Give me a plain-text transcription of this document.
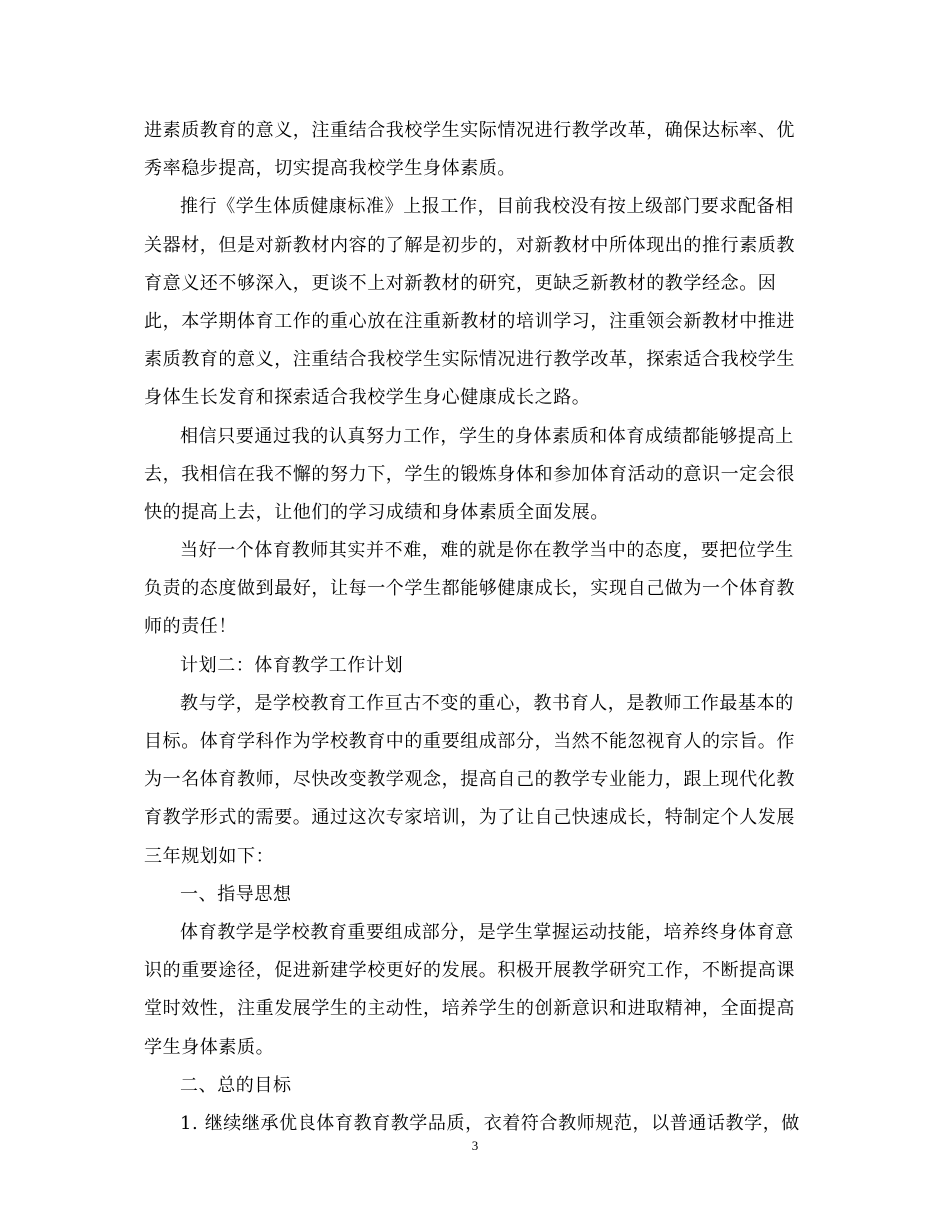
进素质教育的意义，注重结合我校学生实际情况进行教学改革，确保达标率、优
秀率稳步提高，切实提高我校学生身体素质。
推行《学生体质健康标准》上报工作，目前我校没有按上级部门要求配备相
关器材，但是对新教材内容的了解是初步的，对新教材中所体现出的推行素质教
育意义还不够深入，更谈不上对新教材的研究，更缺乏新教材的教学经念。因
此，本学期体育工作的重心放在注重新教材的培训学习，注重领会新教材中推进
素质教育的意义，注重结合我校学生实际情况进行教学改革，探索适合我校学生
身体生长发育和探索适合我校学生身心健康成长之路。
相信只要通过我的认真努力工作，学生的身体素质和体育成绩都能够提高上
去，我相信在我不懈的努力下，学生的锻炼身体和参加体育活动的意识一定会很
快的提高上去，让他们的学习成绩和身体素质全面发展。
当好一个体育教师其实并不难，难的就是你在教学当中的态度，要把位学生
负责的态度做到最好，让每一个学生都能够健康成长，实现自己做为一个体育教
师的责任！
计划二：体育教学工作计划
教与学，是学校教育工作亘古不变的重心，教书育人，是教师工作最基本的
目标。体育学科作为学校教育中的重要组成部分，当然不能忽视育人的宗旨。作
为一名体育教师，尽快改变教学观念，提高自己的教学专业能力，跟上现代化教
育教学形式的需要。通过这次专家培训，为了让自己快速成长，特制定个人发展
三年规划如下：
一、指导思想
体育教学是学校教育重要组成部分，是学生掌握运动技能，培养终身体育意
识的重要途径，促进新建学校更好的发展。积极开展教学研究工作，不断提高课
堂时效性，注重发展学生的主动性，培养学生的创新意识和进取精神，全面提高
学生身体素质。
二、总的目标
1. 继续继承优良体育教育教学品质，衣着符合教师规范，以普通话教学，做
3
